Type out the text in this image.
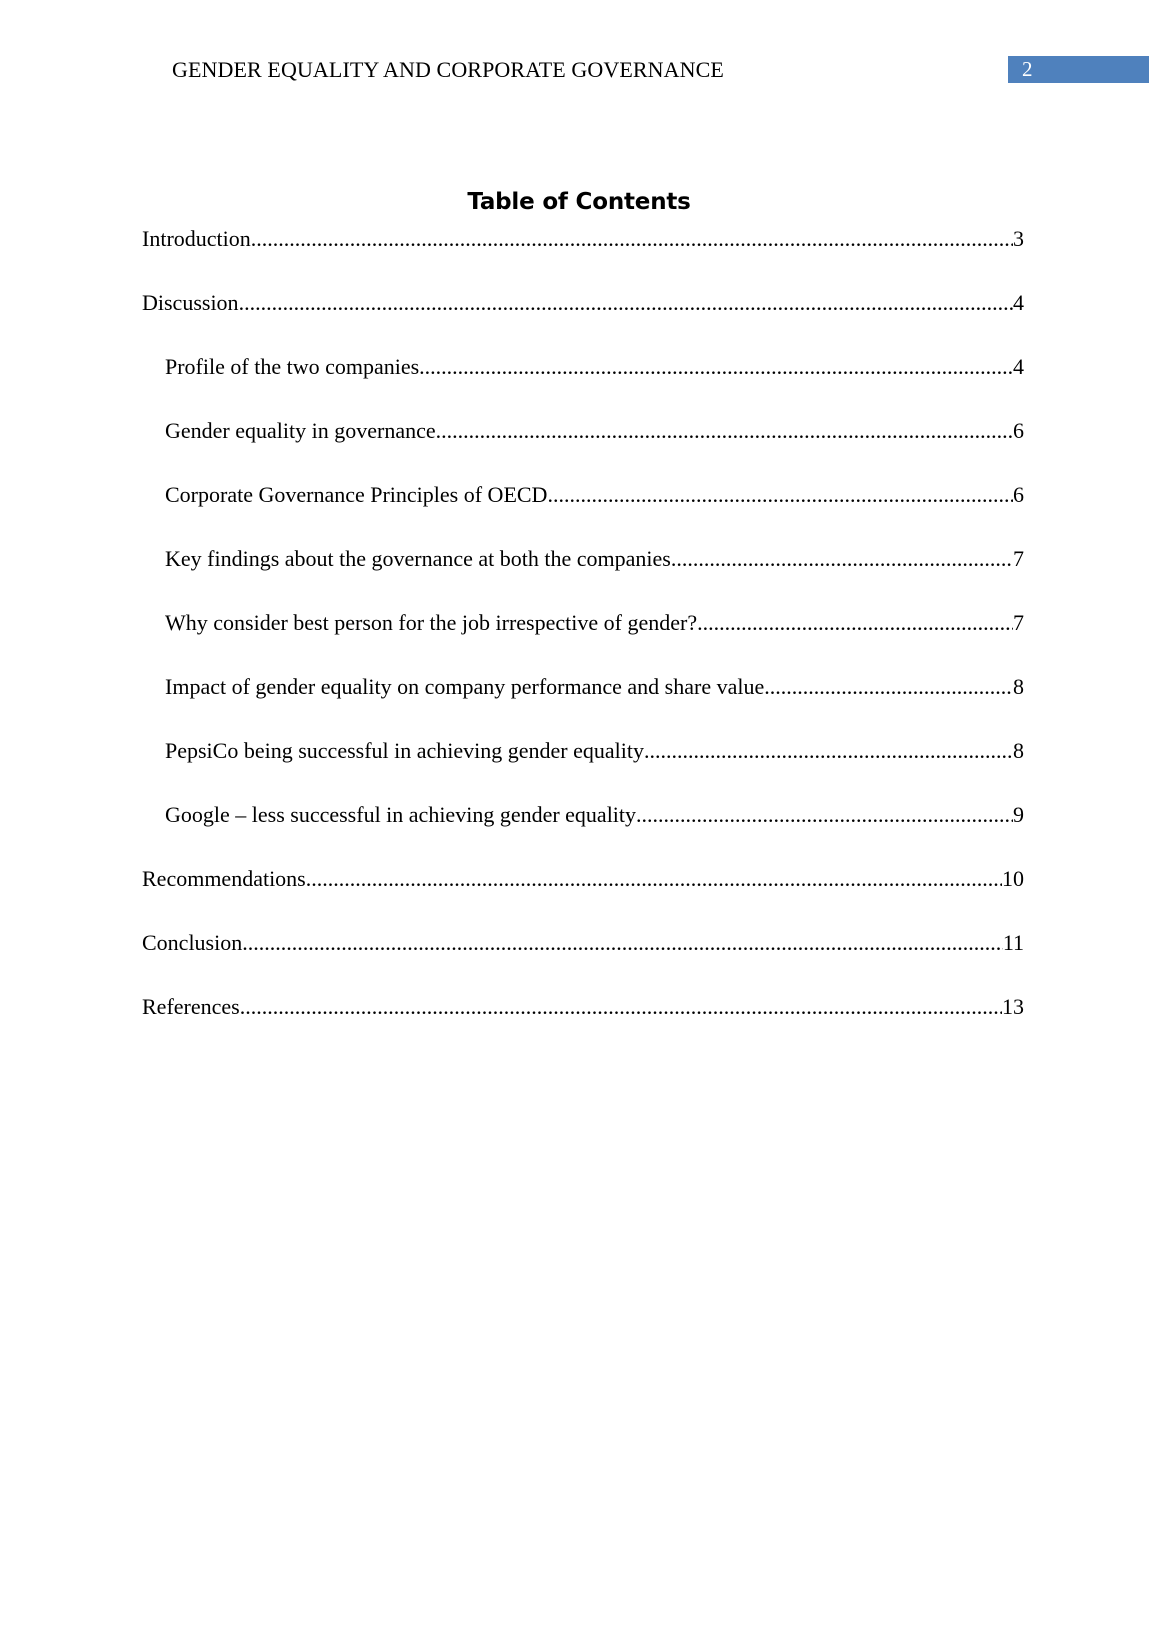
GENDER EQUALITY AND CORPORATE GOVERNANCE	2
Table of Contents
Introduction .....	3
Discussion .....	4
Profile of the two companies .....	4
Gender equality in governance .....	6
Corporate Governance Principles of OECD .....	6
Key findings about the governance at both the companies .....	7
Why consider best person for the job irrespective of gender? .....	7
Impact of gender equality on company performance and share value .....	8
PepsiCo being successful in achieving gender equality .....	8
Google – less successful in achieving gender equality .....	9
Recommendations .....	10
Conclusion .....	11
References .....	13
